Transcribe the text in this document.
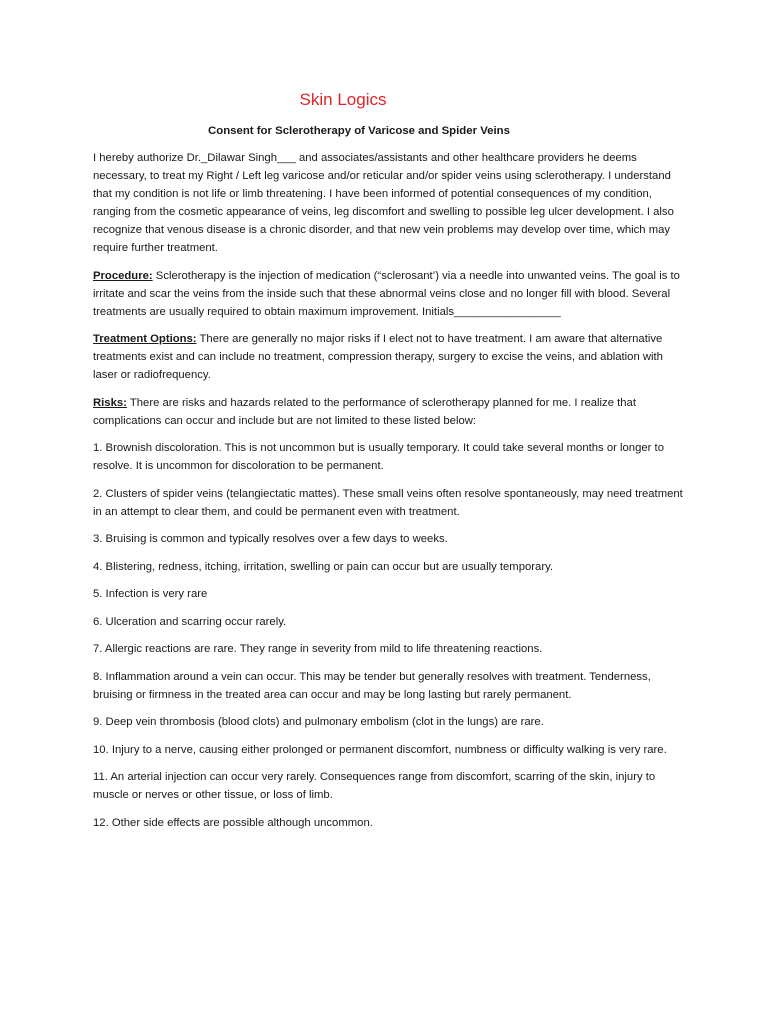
Skin Logics
Consent for Sclerotherapy of Varicose and Spider Veins

I hereby authorize Dr._Dilawar Singh___ and associates/assistants and other healthcare providers he deems necessary, to treat my Right / Left leg varicose and/or reticular and/or spider veins using sclerotherapy. I understand that my condition is not life or limb threatening. I have been informed of potential consequences of my condition, ranging from the cosmetic appearance of veins, leg discomfort and swelling to possible leg ulcer development. I also recognize that venous disease is a chronic disorder, and that new vein problems may develop over time, which may require further treatment.

Procedure: Sclerotherapy is the injection of medication (“sclerosant’) via a needle into unwanted veins. The goal is to irritate and scar the veins from the inside such that these abnormal veins close and no longer fill with blood. Several treatments are usually required to obtain maximum improvement. Initials_________________

Treatment Options: There are generally no major risks if I elect not to have treatment. I am aware that alternative treatments exist and can include no treatment, compression therapy, surgery to excise the veins, and ablation with laser or radiofrequency.

Risks: There are risks and hazards related to the performance of sclerotherapy planned for me. I realize that complications can occur and include but are not limited to these listed below:

1. Brownish discoloration. This is not uncommon but is usually temporary. It could take several months or longer to resolve. It is uncommon for discoloration to be permanent.

2. Clusters of spider veins (telangiectatic mattes). These small veins often resolve spontaneously, may need treatment in an attempt to clear them, and could be permanent even with treatment.

3. Bruising is common and typically resolves over a few days to weeks.

4. Blistering, redness, itching, irritation, swelling or pain can occur but are usually temporary.

5. Infection is very rare

6. Ulceration and scarring occur rarely.

7. Allergic reactions are rare. They range in severity from mild to life threatening reactions.

8. Inflammation around a vein can occur. This may be tender but generally resolves with treatment. Tenderness, bruising or firmness in the treated area can occur and may be long lasting but rarely permanent.

9. Deep vein thrombosis (blood clots) and pulmonary embolism (clot in the lungs) are rare.

10. Injury to a nerve, causing either prolonged or permanent discomfort, numbness or difficulty walking is very rare.

11. An arterial injection can occur very rarely. Consequences range from discomfort, scarring of the skin, injury to muscle or nerves or other tissue, or loss of limb.

12. Other side effects are possible although uncommon.
